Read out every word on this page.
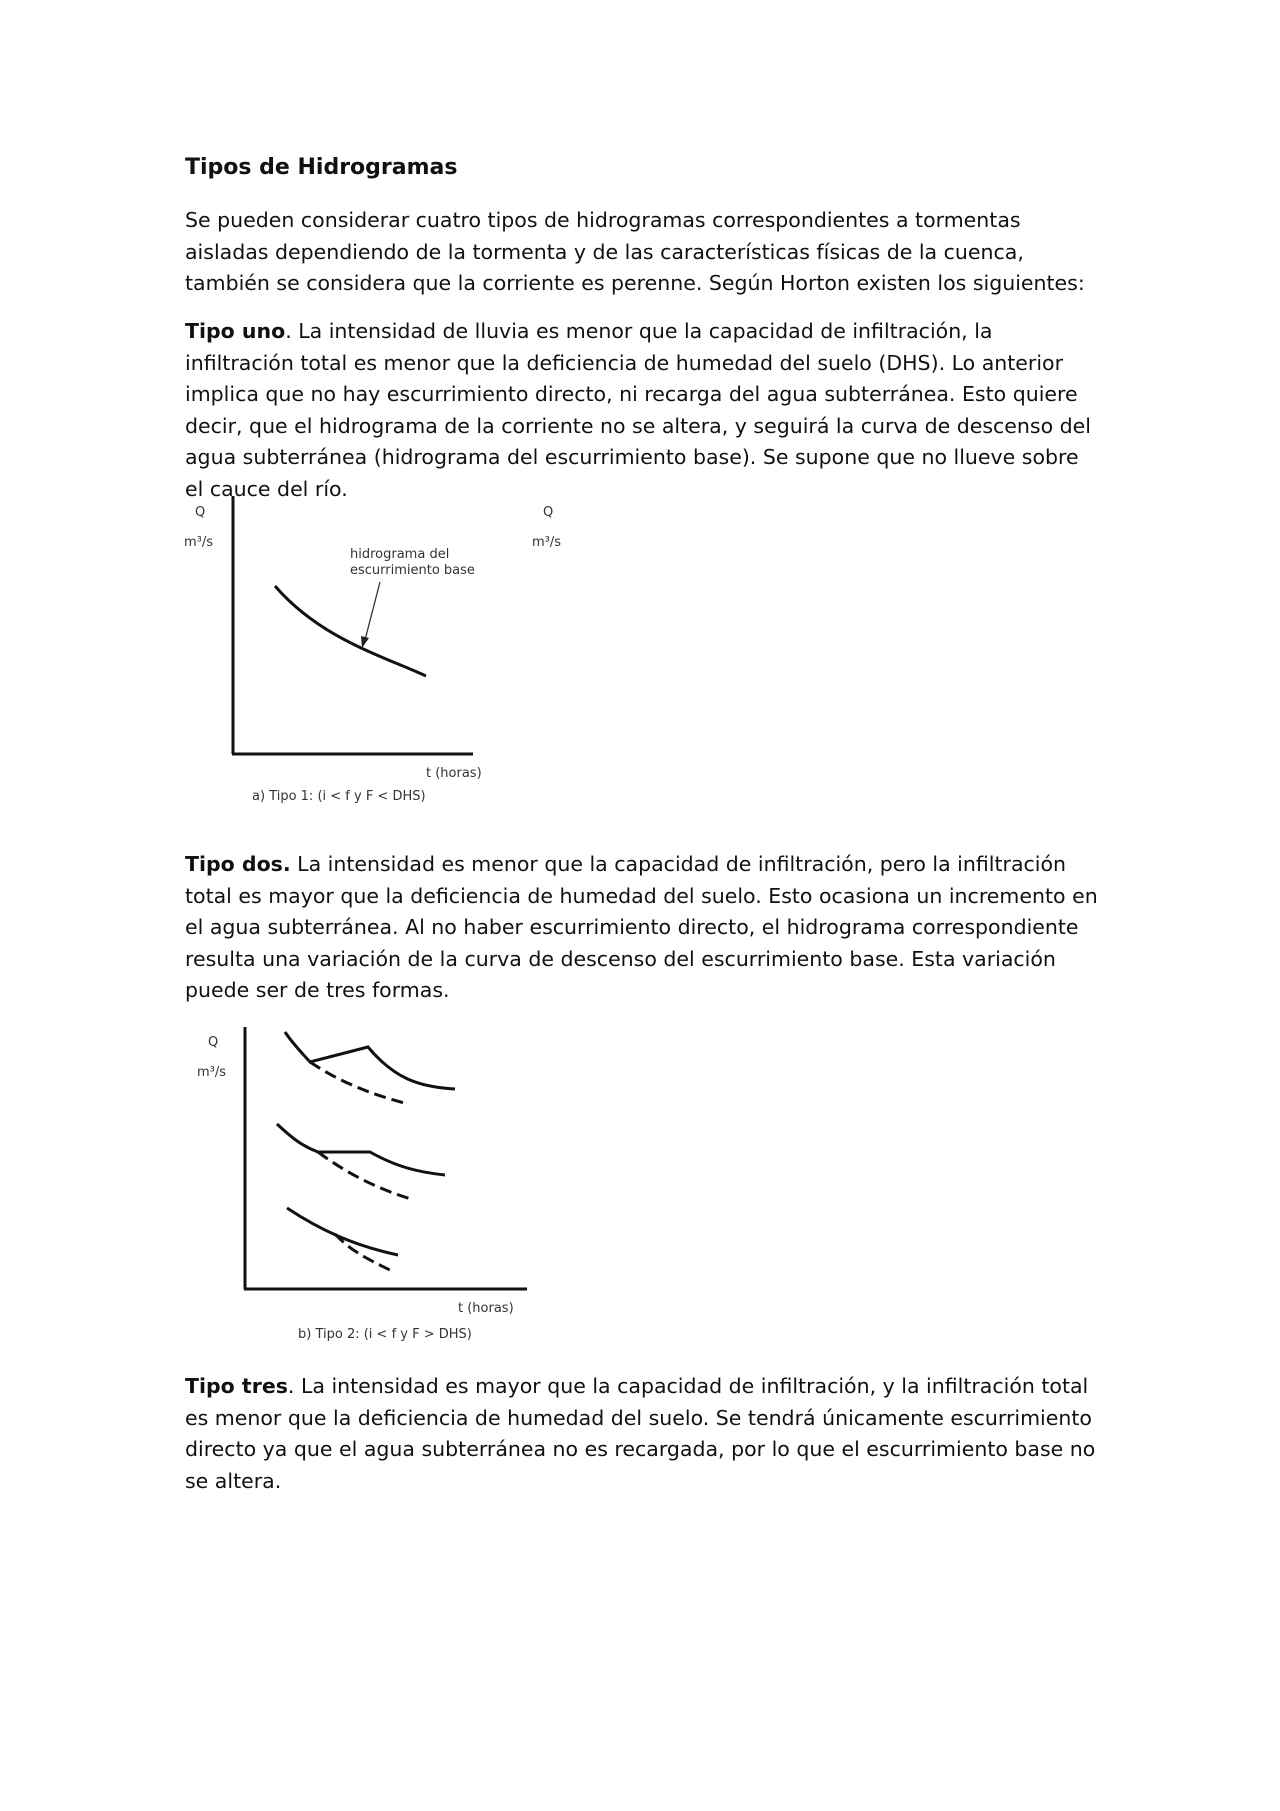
Tipos de Hidrogramas

Se pueden considerar cuatro tipos de hidrogramas correspondientes a tormentas aisladas dependiendo de la tormenta y de las características físicas de la cuenca, también se considera que la corriente es perenne. Según Horton existen los siguientes:

Tipo uno. La intensidad de lluvia es menor que la capacidad de infiltración, la infiltración total es menor que la deficiencia de humedad del suelo (DHS). Lo anterior implica que no hay escurrimiento directo, ni recarga del agua subterránea. Esto quiere decir, que el hidrograma de la corriente no se altera, y seguirá la curva de descenso del agua subterránea (hidrograma del escurrimiento base). Se supone que no llueve sobre el cauce del río.

Q
m³/s
Q
m³/s
hidrograma del
escurrimiento base
t (horas)
a) Tipo 1: (i < f y F < DHS)

Tipo dos. La intensidad es menor que la capacidad de infiltración, pero la infiltración total es mayor que la deficiencia de humedad del suelo. Esto ocasiona un incremento en el agua subterránea. Al no haber escurrimiento directo, el hidrograma correspondiente resulta una variación de la curva de descenso del escurrimiento base. Esta variación puede ser de tres formas.

Q
m³/s
t (horas)
b) Tipo 2: (i < f y F > DHS)

Tipo tres. La intensidad es mayor que la capacidad de infiltración, y la infiltración total es menor que la deficiencia de humedad del suelo. Se tendrá únicamente escurrimiento directo ya que el agua subterránea no es recargada, por lo que el escurrimiento base no se altera.
